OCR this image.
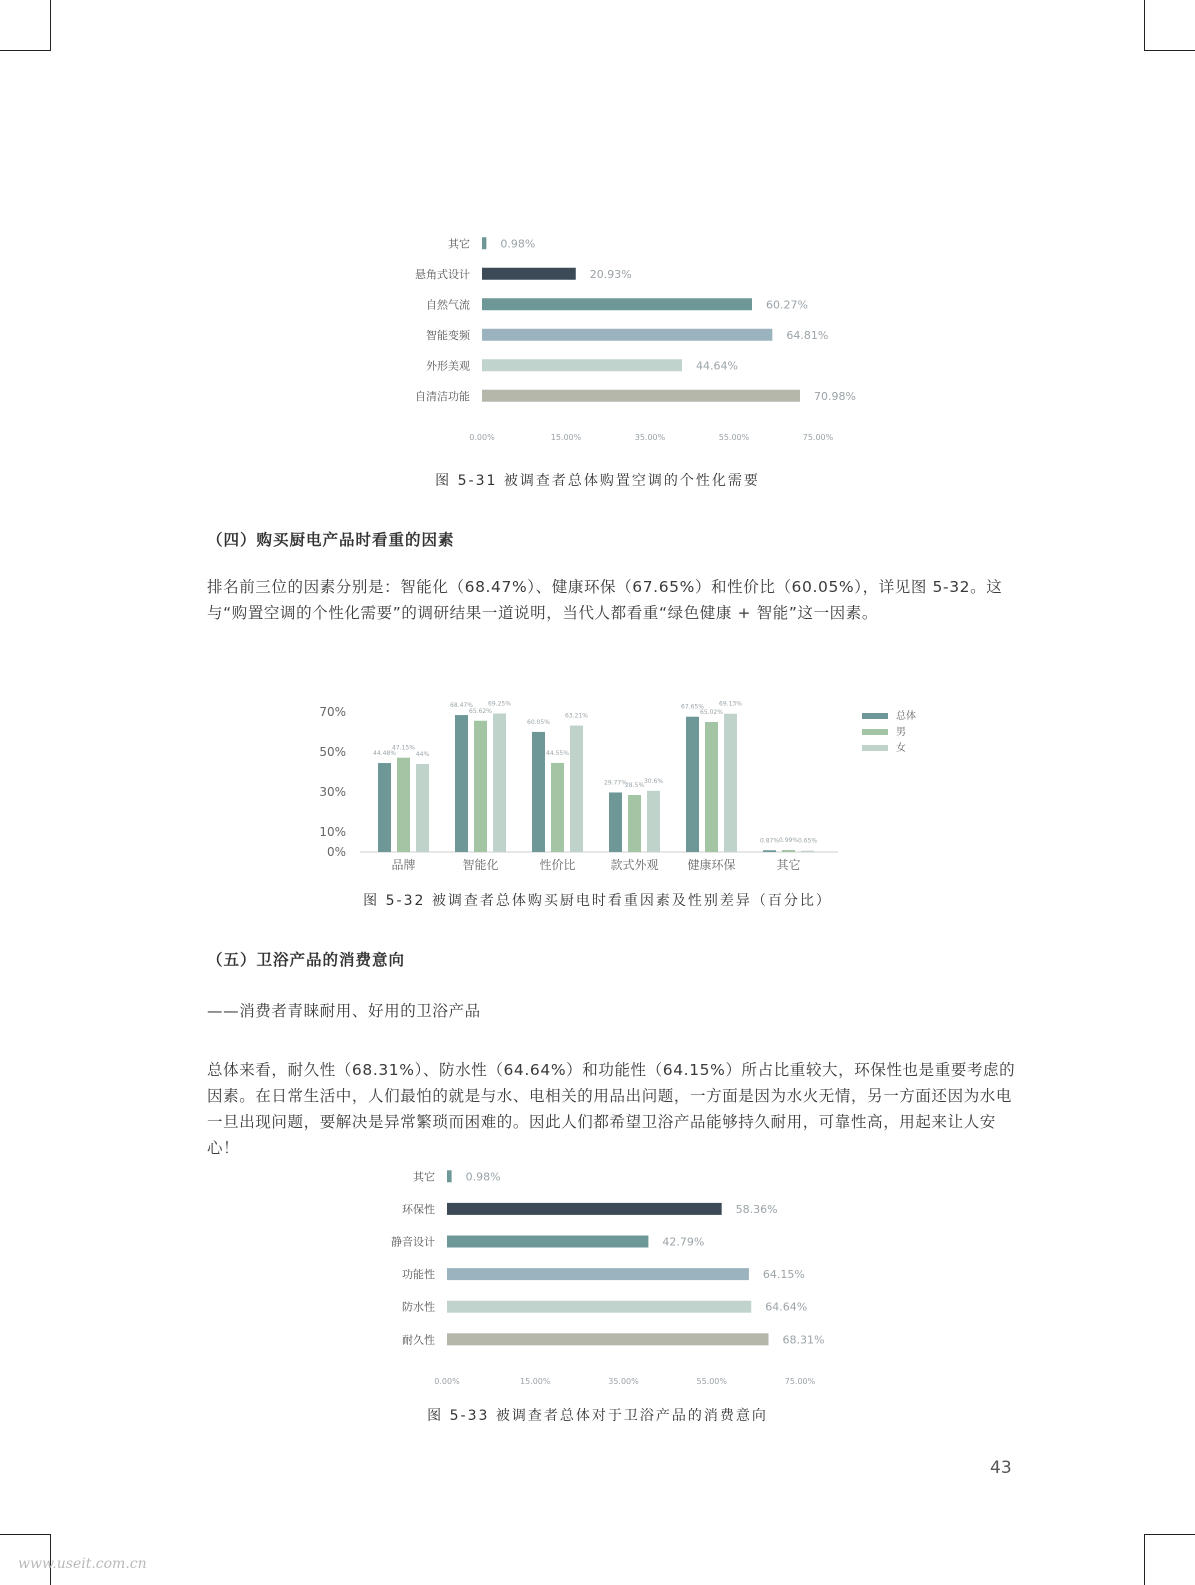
其它	0.98%
悬角式设计	20.93%
自然气流	60.27%
智能变频	64.81%
外形美观	44.64%
自清洁功能	70.98%
0.00%	15.00%	35.00%	55.00%	75.00%
图 5-31 被调查者总体购置空调的个性化需要
（四）购买厨电产品时看重的因素

排名前三位的因素分别是：智能化（68.47%）、健康环保（67.65%）和性价比（60.05%），详见图 5-32。这与“购置空调的个性化需要”的调研结果一道说明，当代人都看重“绿色健康 + 智能”这一因素。

0%
10%
30%
50%
70%
44.48%
47.15%
44%
品牌
68.47%
65.62%
69.25%
智能化
60.05%
44.55%
63.21%
性价比
29.77%
28.5%
30.6%
款式外观
67.65%
65.02%
69.13%
健康环保
0.87% 0.99% 0.65%
其它
总体
男
女
图 5-32 被调查者总体购买厨电时看重因素及性别差异（百分比）
（五）卫浴产品的消费意向
——消费者青睐耐用、好用的卫浴产品

总体来看，耐久性（68.31%）、防水性（64.64%）和功能性（64.15%）所占比重较大，环保性也是重要考虑的因素。在日常生活中，人们最怕的就是与水、电相关的用品出问题，一方面是因为水火无情，另一方面还因为水电一旦出现问题，要解决是异常繁琐而困难的。因此人们都希望卫浴产品能够持久耐用，可靠性高，用起来让人安心！

其它	0.98%
环保性	58.36%
静音设计	42.79%
功能性	64.15%
防水性	64.64%
耐久性	68.31%
0.00%	15.00%	35.00%	55.00%	75.00%
图 5-33 被调查者总体对于卫浴产品的消费意向
43
www.useit.com.cn
